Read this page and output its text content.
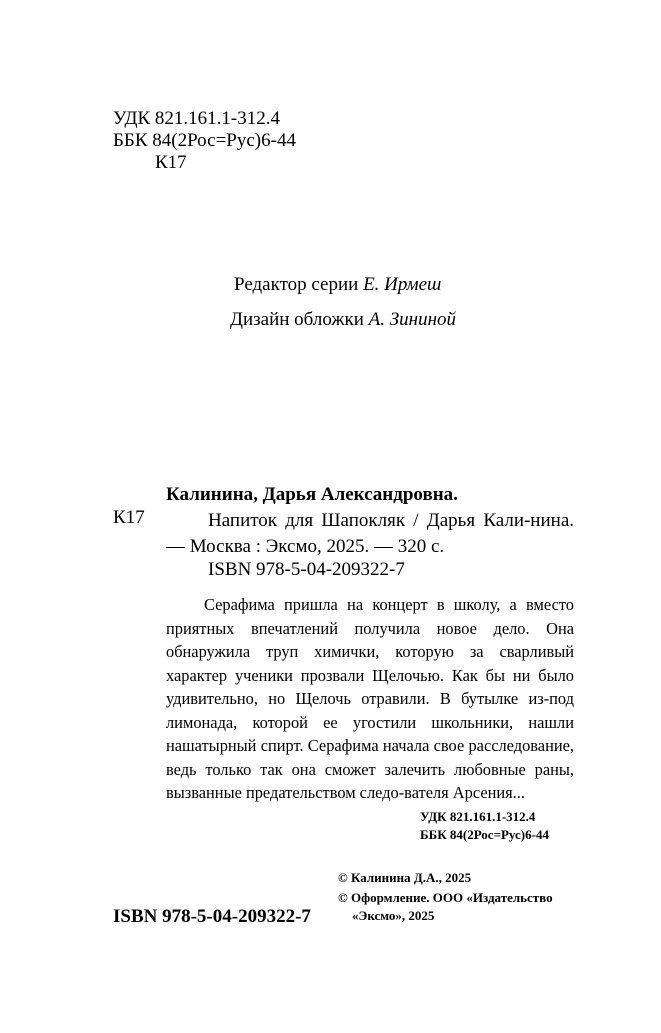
УДК 821.161.1-312.4
ББК 84(2Рос=Рус)6-44
К17
Редактор серии Е. Ирмеш
Дизайн обложки А. Зининой
К17

Калинина, Дарья Александровна.
Напиток для Шапокляк / Дарья Кали-нина. — Москва : Эксмо, 2025. — 320 с.

ISBN 978-5-04-209322-7

Серафима пришла на концерт в школу, а вместо приятных впечатлений получила новое дело. Она обнаружила труп химички, которую за сварливый характер ученики прозвали Щелочью. Как бы ни было удивительно, но Щелочь отравили. В бутылке из-под лимонада, которой ее угостили школьники, нашли нашатырный спирт. Серафима начала свое расследование, ведь только так она сможет залечить любовные раны, вызванные предательством следо-вателя Арсения...

УДК 821.161.1-312.4
ББК 84(2Рос=Рус)6-44
© Калинина Д.А., 2025
© Оформление. ООО «Издательство
«Эксмо», 2025
ISBN 978-5-04-209322-7
